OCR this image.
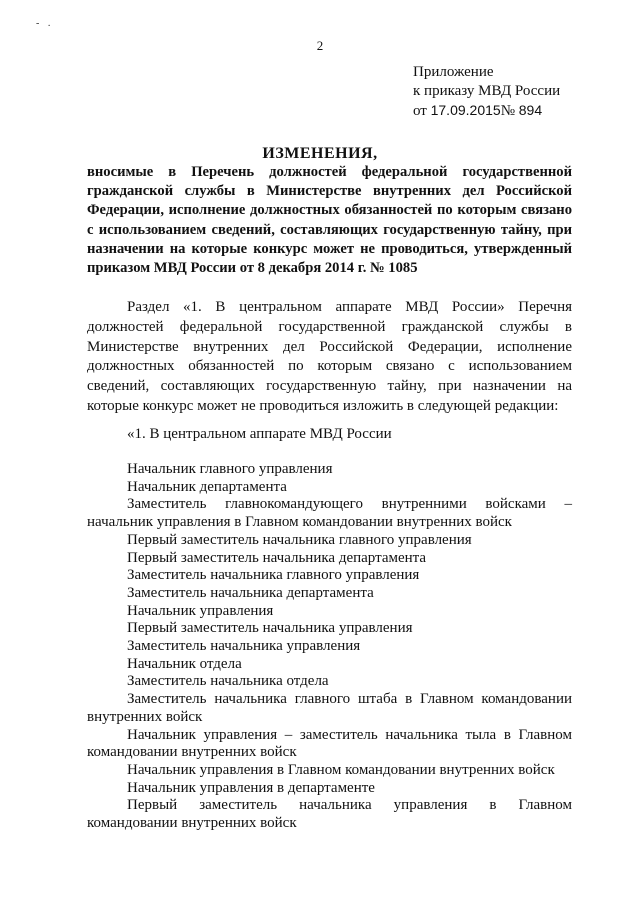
- .
2
Приложение
к приказу МВД России
от 17.09.2015№ 894
ИЗМЕНЕНИЯ,
вносимые в Перечень должностей федеральной государственной гражданской службы в Министерстве внутренних дел Российской Федерации, исполнение должностных обязанностей по которым связано с использованием сведений, составляющих государственную тайну, при назначении на которые конкурс может не проводиться, утвержденный приказом МВД России от 8 декабря 2014 г. № 1085
Раздел «1. В центральном аппарате МВД России» Перечня должностей федеральной государственной гражданской службы в Министерстве внутренних дел Российской Федерации, исполнение должностных обязанностей по которым связано с использованием сведений, составляющих государственную тайну, при назначении на которые конкурс может не проводиться изложить в следующей редакции:
«1. В центральном аппарате МВД России
Начальник главного управления
Начальник департамента
Заместитель главнокомандующего внутренними войсками – начальник управления в Главном командовании внутренних войск
Первый заместитель начальника главного управления
Первый заместитель начальника департамента
Заместитель начальника главного управления
Заместитель начальника департамента
Начальник управления
Первый заместитель начальника управления
Заместитель начальника управления
Начальник отдела
Заместитель начальника отдела
Заместитель начальника главного штаба в Главном командовании внутренних войск
Начальник управления – заместитель начальника тыла в Главном командовании внутренних войск
Начальник управления в Главном командовании внутренних войск
Начальник управления в департаменте
Первый заместитель начальника управления в Главном командовании внутренних войск
